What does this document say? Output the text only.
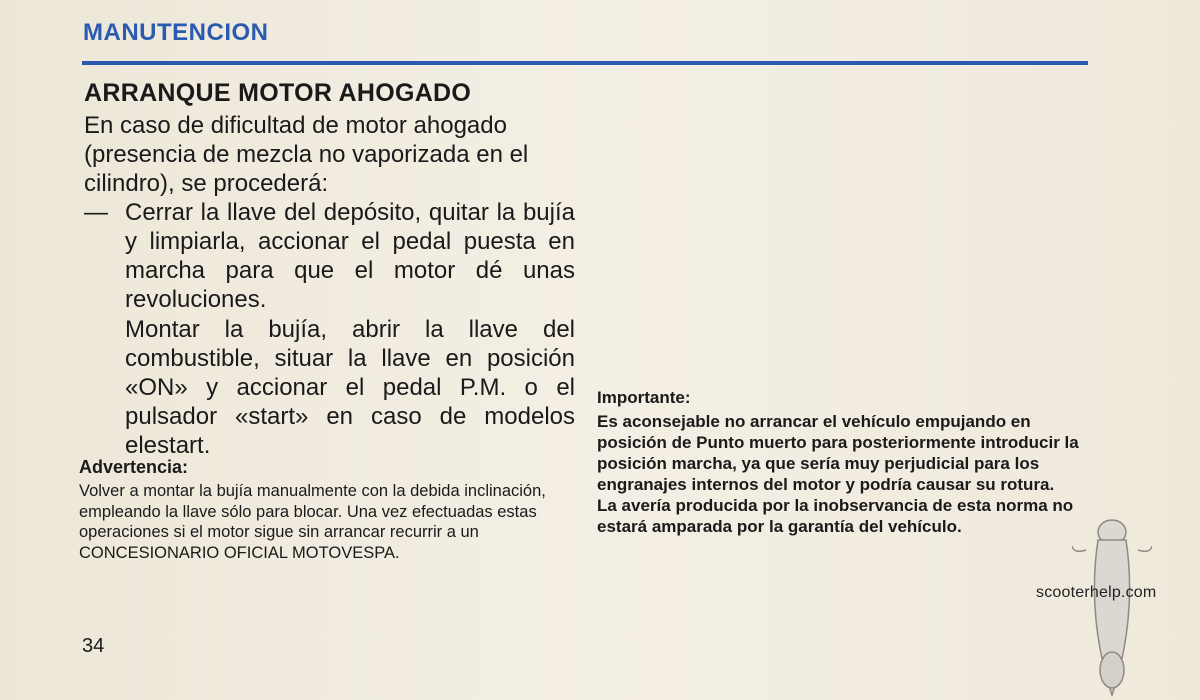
MANUTENCION
ARRANQUE MOTOR AHOGADO

En caso de dificultad de motor ahogado (presencia de mezcla no vaporizada en el cilindro), se procederá:

— Cerrar la llave del depósito, quitar la bujía y limpiarla, accionar el pedal puesta en marcha para que el motor dé unas revoluciones.

Montar la bujía, abrir la llave del combustible, situar la llave en posición «ON» y accionar el pedal P.M. o el pulsador «start» en caso de modelos elestart.

Advertencia:

Volver a montar la bujía manualmente con la debida inclinación, empleando la llave sólo para blocar. Una vez efectuadas estas operaciones si el motor sigue sin arrancar recurrir a un CONCESIONARIO OFICIAL MOTOVESPA.

Importante:

Es aconsejable no arrancar el vehículo empujando en posición de Punto muerto para posteriormente introducir la posición marcha, ya que sería muy perjudicial para los engranajes internos del motor y podría causar su rotura.

La avería producida por la inobservancia de esta norma no estará amparada por la garantía del vehículo.

34
scooterhelp.com
